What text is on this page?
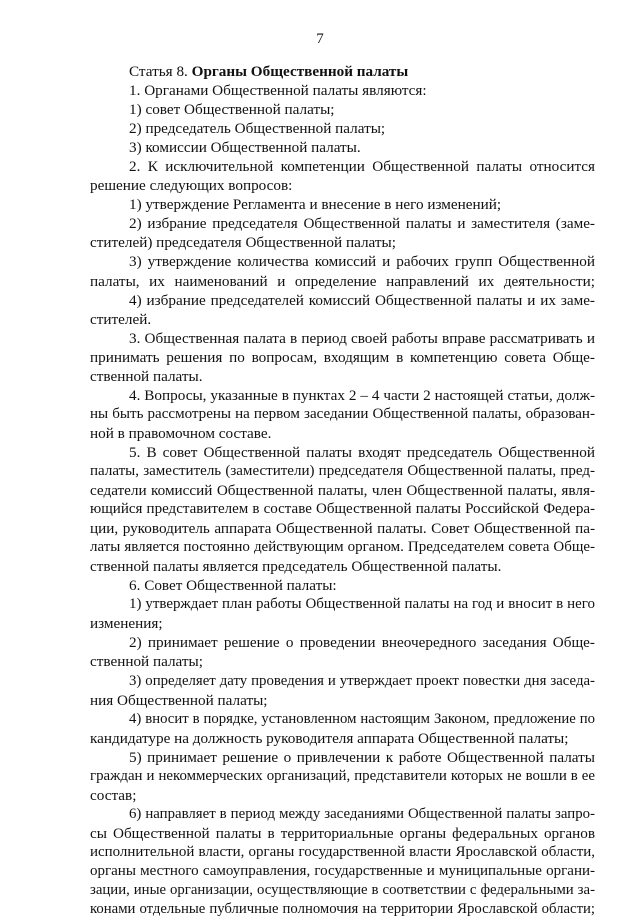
7
Статья 8. Органы Общественной палаты
1. Органами Общественной палаты являются:
1) совет Общественной палаты;
2) председатель Общественной палаты;
3) комиссии Общественной палаты.
2. К исключительной компетенции Общественной палаты относится
решение следующих вопросов:
1) утверждение Регламента и внесение в него изменений;
2) избрание председателя Общественной палаты и заместителя (заме-
стителей) председателя Общественной палаты;
3) утверждение количества комиссий и рабочих групп Общественной
палаты, их наименований и определение направлений их деятельности;
4) избрание председателей комиссий Общественной палаты и их заме-
стителей.
3. Общественная палата в период своей работы вправе рассматривать и
принимать решения по вопросам, входящим в компетенцию совета Обще-
ственной палаты.
4. Вопросы, указанные в пунктах 2 – 4 части 2 настоящей статьи, долж-
ны быть рассмотрены на первом заседании Общественной палаты, образован-
ной в правомочном составе.
5. В совет Общественной палаты входят председатель Общественной
палаты, заместитель (заместители) председателя Общественной палаты, пред-
седатели комиссий Общественной палаты, член Общественной палаты, явля-
ющийся представителем в составе Общественной палаты Российской Федера-
ции, руководитель аппарата Общественной палаты. Совет Общественной па-
латы является постоянно действующим органом. Председателем совета Обще-
ственной палаты является председатель Общественной палаты.
6. Совет Общественной палаты:
1) утверждает план работы Общественной палаты на год и вносит в него
изменения;
2) принимает решение о проведении внеочередного заседания Обще-
ственной палаты;
3) определяет дату проведения и утверждает проект повестки дня заседа-
ния Общественной палаты;
4) вносит в порядке, установленном настоящим Законом, предложение по
кандидатуре на должность руководителя аппарата Общественной палаты;
5) принимает решение о привлечении к работе Общественной палаты
граждан и некоммерческих организаций, представители которых не вошли в ее
состав;
6) направляет в период между заседаниями Общественной палаты запро-
сы Общественной палаты в территориальные органы федеральных органов
исполнительной власти, органы государственной власти Ярославской области,
органы местного самоуправления, государственные и муниципальные органи-
зации, иные организации, осуществляющие в соответствии с федеральными за-
конами отдельные публичные полномочия на территории Ярославской области;
